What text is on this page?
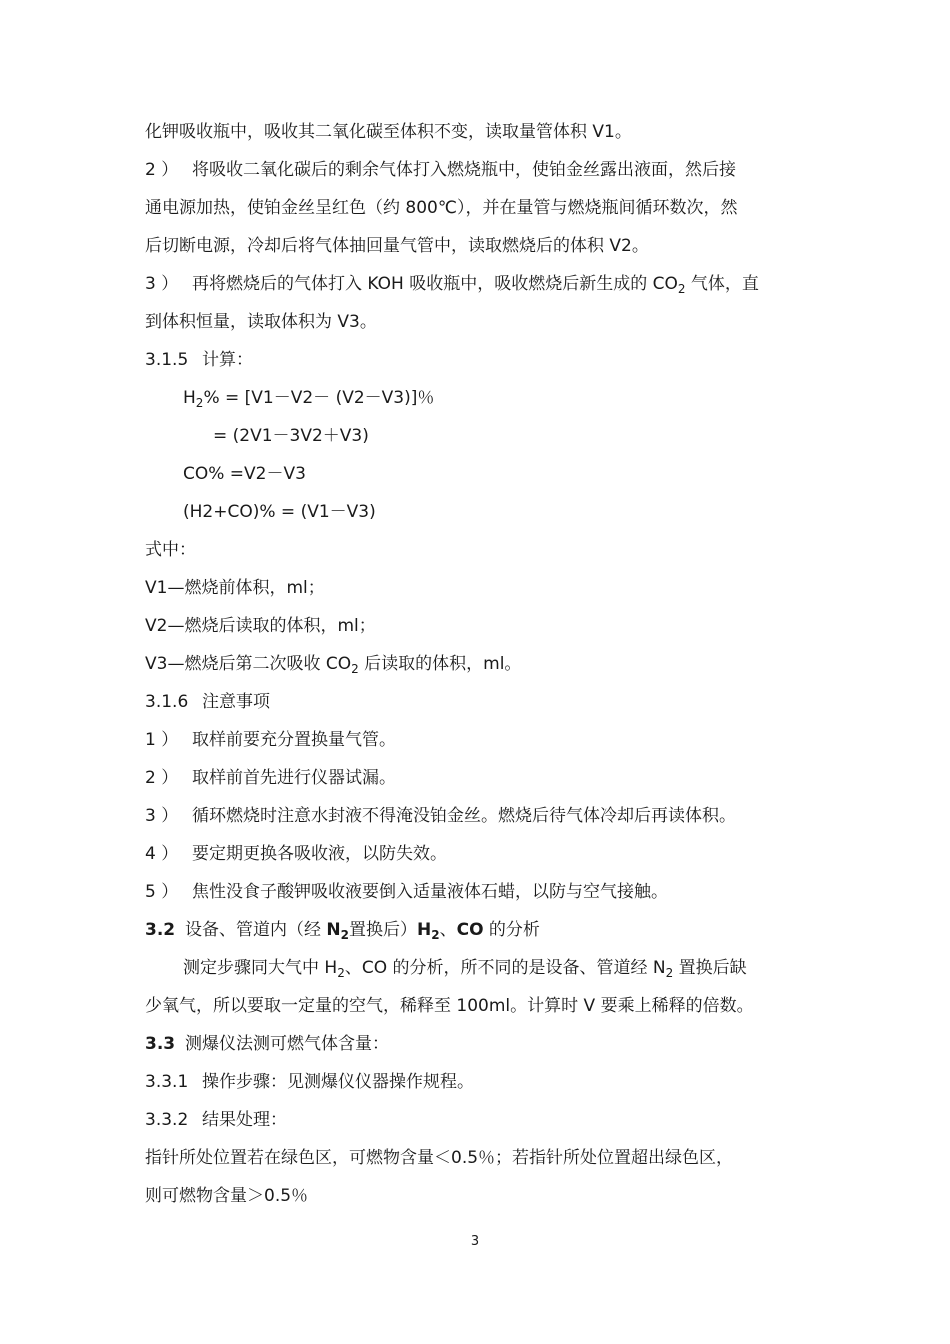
化钾吸收瓶中，吸收其二氧化碳至体积不变，读取量管体积 V1。
2 ） 将吸收二氧化碳后的剩余气体打入燃烧瓶中，使铂金丝露出液面，然后接
通电源加热，使铂金丝呈红色（约 800℃），并在量管与燃烧瓶间循环数次，然
后切断电源，冷却后将气体抽回量气管中，读取燃烧后的体积 V2。
3 ） 再将燃烧后的气体打入 KOH 吸收瓶中，吸收燃烧后新生成的 $CO_2$ 气体，直
到体积恒量，读取体积为 V3。
3.1.5 计算：
$H_2\% = [V1-V2- (V2-V3)]$％
= (2V1－3V2＋V3)
CO% =V2－V3
(H2+CO)% = (V1－V3)
式中：
V1—燃烧前体积，ml；
V2—燃烧后读取的体积，ml；
V3—燃烧后第二次吸收 $CO_2$ 后读取的体积，ml。
3.1.6 注意事项
1 ） 取样前要充分置换量气管。
2 ） 取样前首先进行仪器试漏。
3 ） 循环燃烧时注意水封液不得淹没铂金丝。燃烧后待气体冷却后再读体积。
4 ） 要定期更换各吸收液，以防失效。
5 ） 焦性没食子酸钾吸收液要倒入适量液体石蜡，以防与空气接触。
3.2 设备、管道内（经 $N_2$置换后）$H_2$、CO 的分析
测定步骤同大气中 $H_2$、CO 的分析，所不同的是设备、管道经 $N_2$ 置换后缺
少氧气，所以要取一定量的空气，稀释至 100ml。计算时 V 要乘上稀释的倍数。
3.3 测爆仪法测可燃气体含量：
3.3.1 操作步骤：见测爆仪仪器操作规程。
3.3.2 结果处理：
指针所处位置若在绿色区，可燃物含量＜0.5％；若指针所处位置超出绿色区，
则可燃物含量＞0.5％
3
